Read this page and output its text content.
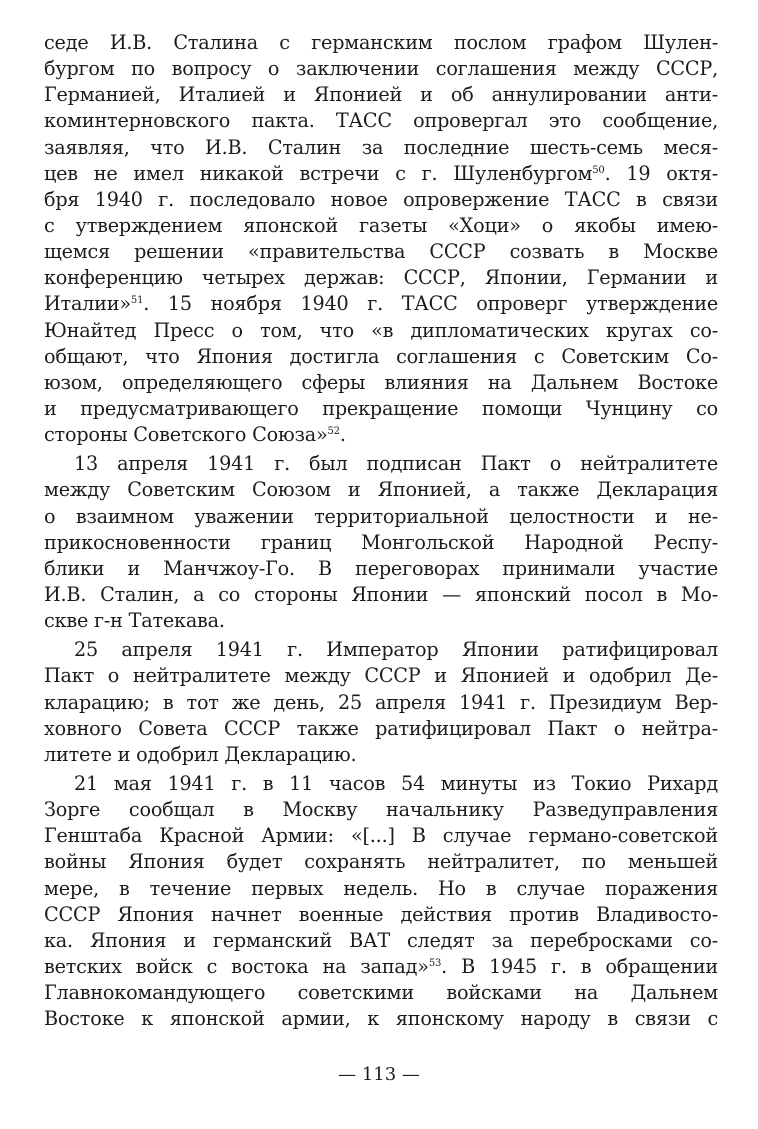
седе И.В. Сталина с германским послом графом Шулен-
бургом по вопросу о заключении соглашения между СССР,
Германией, Италией и Японией и об аннулировании анти-
коминтерновского пакта. ТАСС опровергал это сообщение,
заявляя, что И.В. Сталин за последние шесть-семь меся-
цев не имел никакой встречи с г. Шуленбургом$^{50}$. 19 октя-
бря 1940 г. последовало новое опровержение ТАСС в связи
с утверждением японской газеты «Хоци» о якобы имею-
щемся решении «правительства СССР созвать в Москве
конференцию четырех держав: СССР, Японии, Германии и
Италии»$^{51}$. 15 ноября 1940 г. ТАСС опроверг утверждение
Юнайтед Пресс о том, что «в дипломатических кругах со-
общают, что Япония достигла соглашения с Советским Со-
юзом, определяющего сферы влияния на Дальнем Востоке
и предусматривающего прекращение помощи Чунцину со
стороны Советского Союза»$^{52}$.
13 апреля 1941 г. был подписан Пакт о нейтралитете
между Советским Союзом и Японией, а также Декларация
о взаимном уважении территориальной целостности и не-
прикосновенности границ Монгольской Народной Респу-
блики и Манчжоу-Го. В переговорах принимали участие
И.В. Сталин, а со стороны Японии — японский посол в Мо-
скве г-н Татекава.
25 апреля 1941 г. Император Японии ратифицировал
Пакт о нейтралитете между СССР и Японией и одобрил Де-
кларацию; в тот же день, 25 апреля 1941 г. Президиум Вер-
ховного Совета СССР также ратифицировал Пакт о нейтра-
литете и одобрил Декларацию.
21 мая 1941 г. в 11 часов 54 минуты из Токио Рихард
Зорге сообщал в Москву начальнику Разведуправления
Генштаба Красной Армии: «[...] В случае германо-советской
войны Япония будет сохранять нейтралитет, по меньшей
мере, в течение первых недель. Но в случае поражения
СССР Япония начнет военные действия против Владивосто-
ка. Япония и германский ВАТ следят за перебросками со-
ветских войск с востока на запад»$^{53}$. В 1945 г. в обращении
Главнокомандующего советскими войсками на Дальнем
Востоке к японской армии, к японскому народу в связи с
— 113 —
